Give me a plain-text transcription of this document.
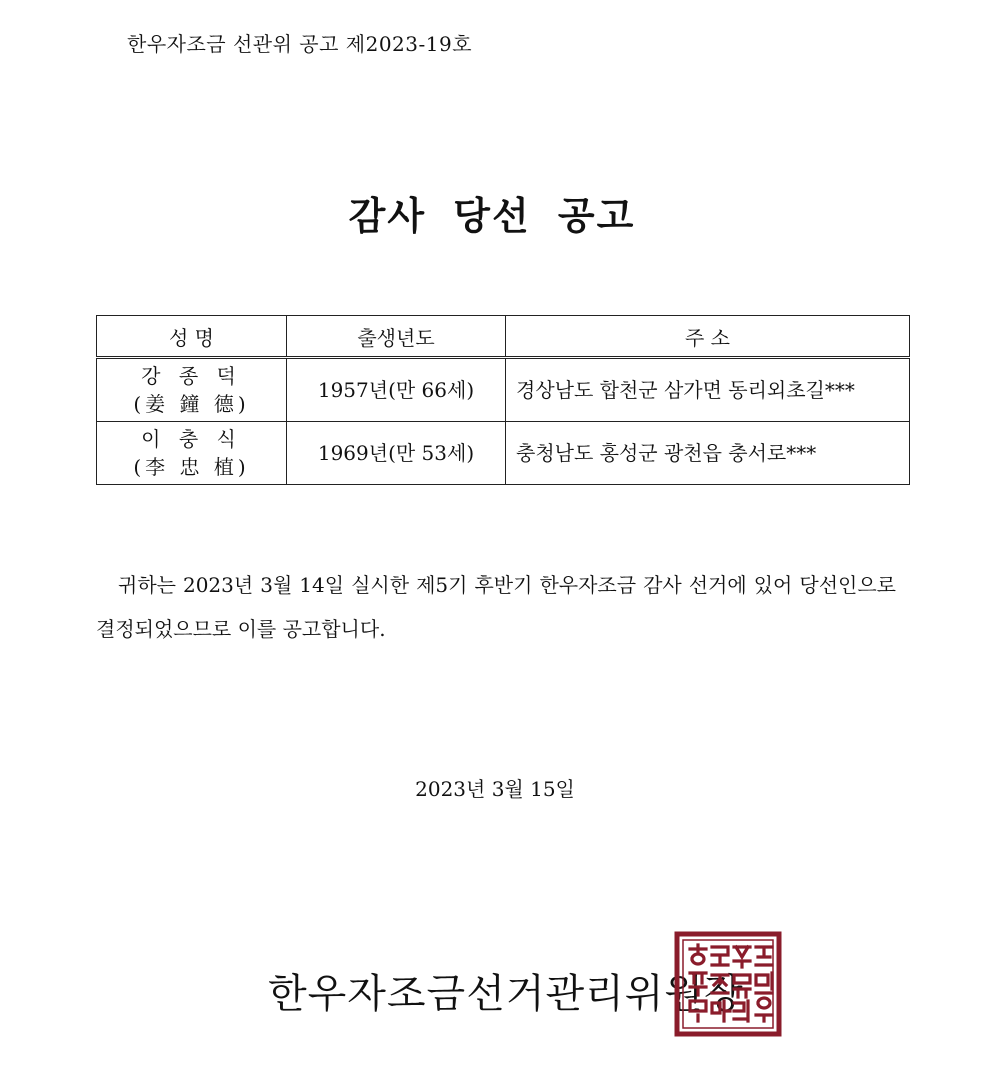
한우자조금 선관위 공고 제2023-19호
감사 당선 공고
성 명	출생년도	주 소

강 종 덕
(姜 鐘 德)	1957년(만 66세)	경상남도 합천군 삼가면 동리외초길***

이 충 식
(李 忠 植)	1969년(만 53세)	충청남도 홍성군 광천읍 충서로***
귀하는 2023년 3월 14일 실시한 제5기 후반기 한우자조금 감사 선거에 있어 당선인으로 결정되었으므로 이를 공고합니다.
2023년 3월 15일
한우자조금선거관리위원장
